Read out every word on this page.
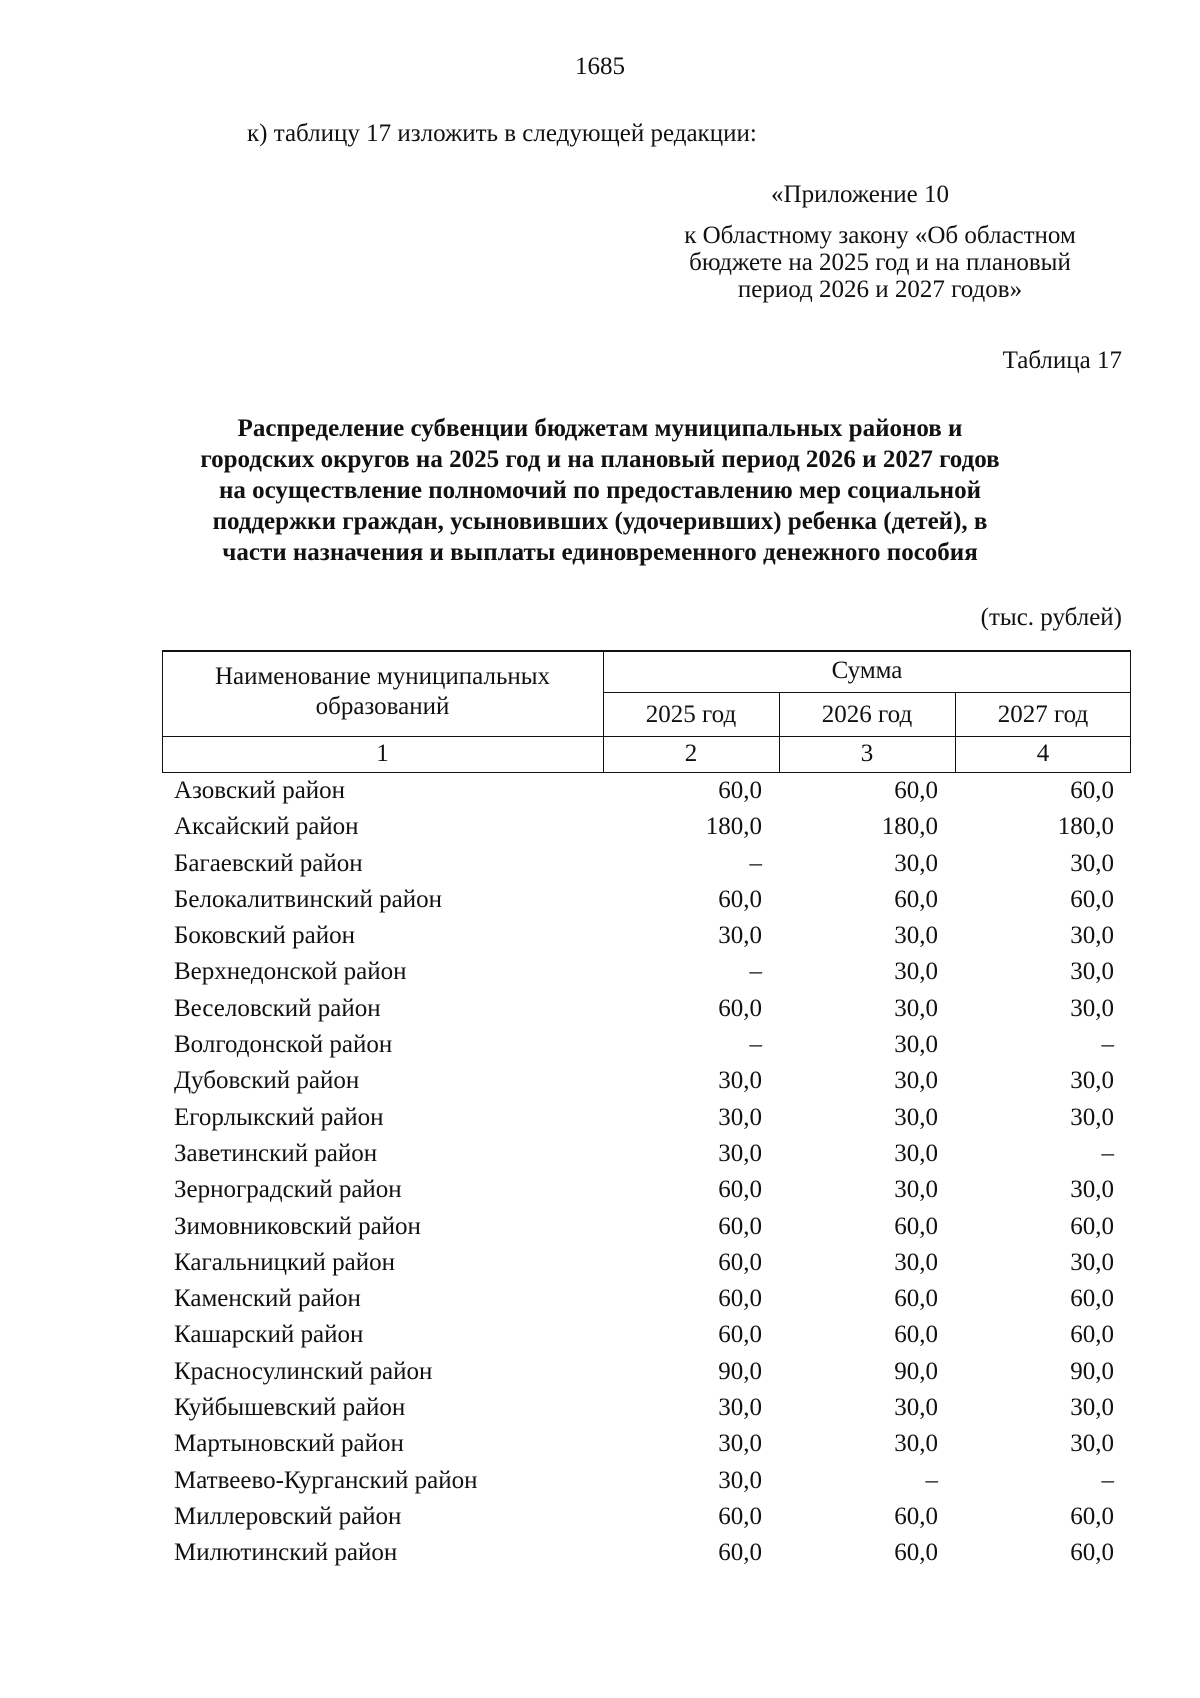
1685
к) таблицу 17 изложить в следующей редакции:
«Приложение 10
к Областному закону «Об областном
бюджете на 2025 год и на плановый
период 2026 и 2027 годов»
Таблица 17
Распределение субвенции бюджетам муниципальных районов и
городских округов на 2025 год и на плановый период 2026 и 2027 годов
на осуществление полномочий по предоставлению мер социальной
поддержки граждан, усыновивших (удочеривших) ребенка (детей), в
части назначения и выплаты единовременного денежного пособия
(тыс. рублей)
Наименование муниципальных
образований
Сумма
2025 год	2026 год	2027 год
1	2	3	4
Азовский район	60,0	60,0	60,0
Аксайский район	180,0	180,0	180,0
Багаевский район	–	30,0	30,0
Белокалитвинский район	60,0	60,0	60,0
Боковский район	30,0	30,0	30,0
Верхнедонской район	–	30,0	30,0
Веселовский район	60,0	30,0	30,0
Волгодонской район	–	30,0	–
Дубовский район	30,0	30,0	30,0
Егорлыкский район	30,0	30,0	30,0
Заветинский район	30,0	30,0	–
Зерноградский район	60,0	30,0	30,0
Зимовниковский район	60,0	60,0	60,0
Кагальницкий район	60,0	30,0	30,0
Каменский район	60,0	60,0	60,0
Кашарский район	60,0	60,0	60,0
Красносулинский район	90,0	90,0	90,0
Куйбышевский район	30,0	30,0	30,0
Мартыновский район	30,0	30,0	30,0
Матвеево-Курганский район	30,0	–	–
Миллеровский район	60,0	60,0	60,0
Милютинский район	60,0	60,0	60,0
